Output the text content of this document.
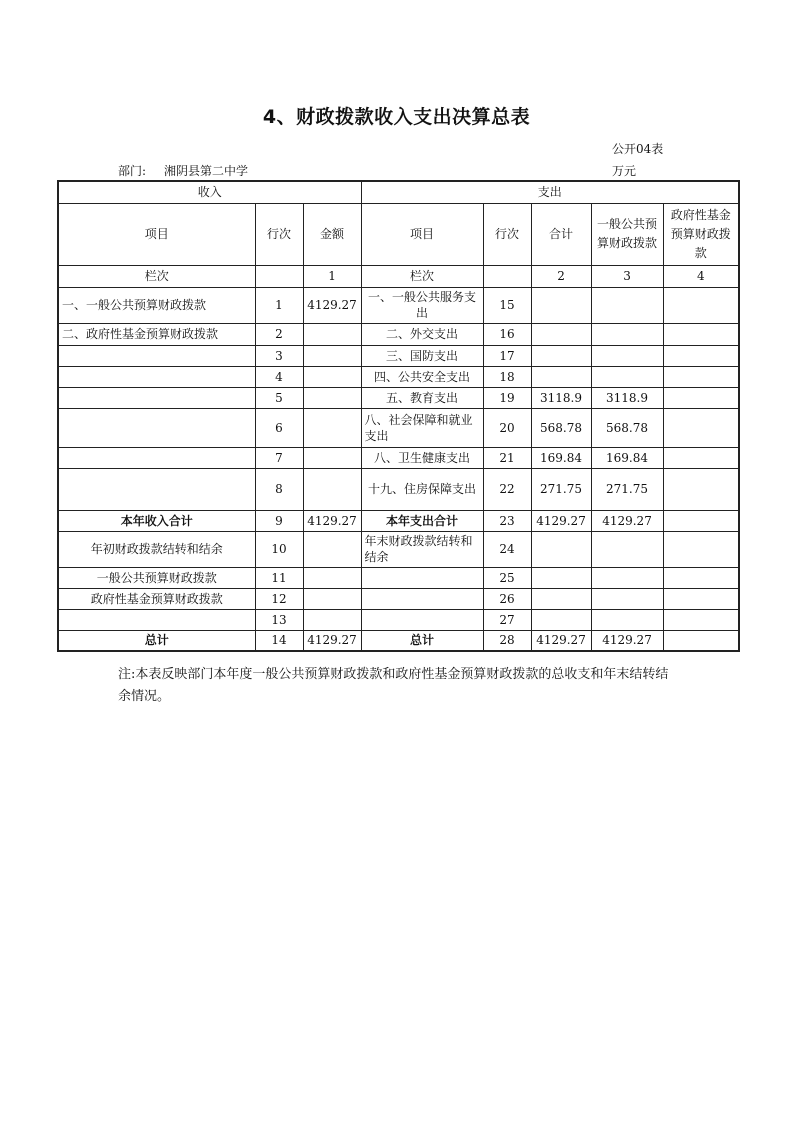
4、财政拨款收入支出决算总表
公开04表
部门: 湘阴县第二中学	万元
收入			支出				
项目	行次	金额	项目	行次	合计	一般公共预算财政拨款	政府性基金预算财政拨款
栏次		1	栏次		2	3	4
一、一般公共预算财政拨款	1	4129.27	一、一般公共服务支出	15			
二、政府性基金预算财政拨款	2		二、外交支出	16			
	3		三、国防支出	17			
	4		四、公共安全支出	18			
	5		五、教育支出	19	3118.9	3118.9	
	6		八、社会保障和就业支出	20	568.78	568.78	
	7		八、卫生健康支出	21	169.84	169.84	
	8		十九、住房保障支出	22	271.75	271.75	
本年收入合计	9	4129.27	本年支出合计	23	4129.27	4129.27	
年初财政拨款结转和结余	10		年末财政拨款结转和结余	24			
一般公共预算财政拨款	11			25			
政府性基金预算财政拨款	12			26			
	13			27			
总计	14	4129.27	总计	28	4129.27	4129.27	
注:本表反映部门本年度一般公共预算财政拨款和政府性基金预算财政拨款的总收支和年末结转结余情况。
